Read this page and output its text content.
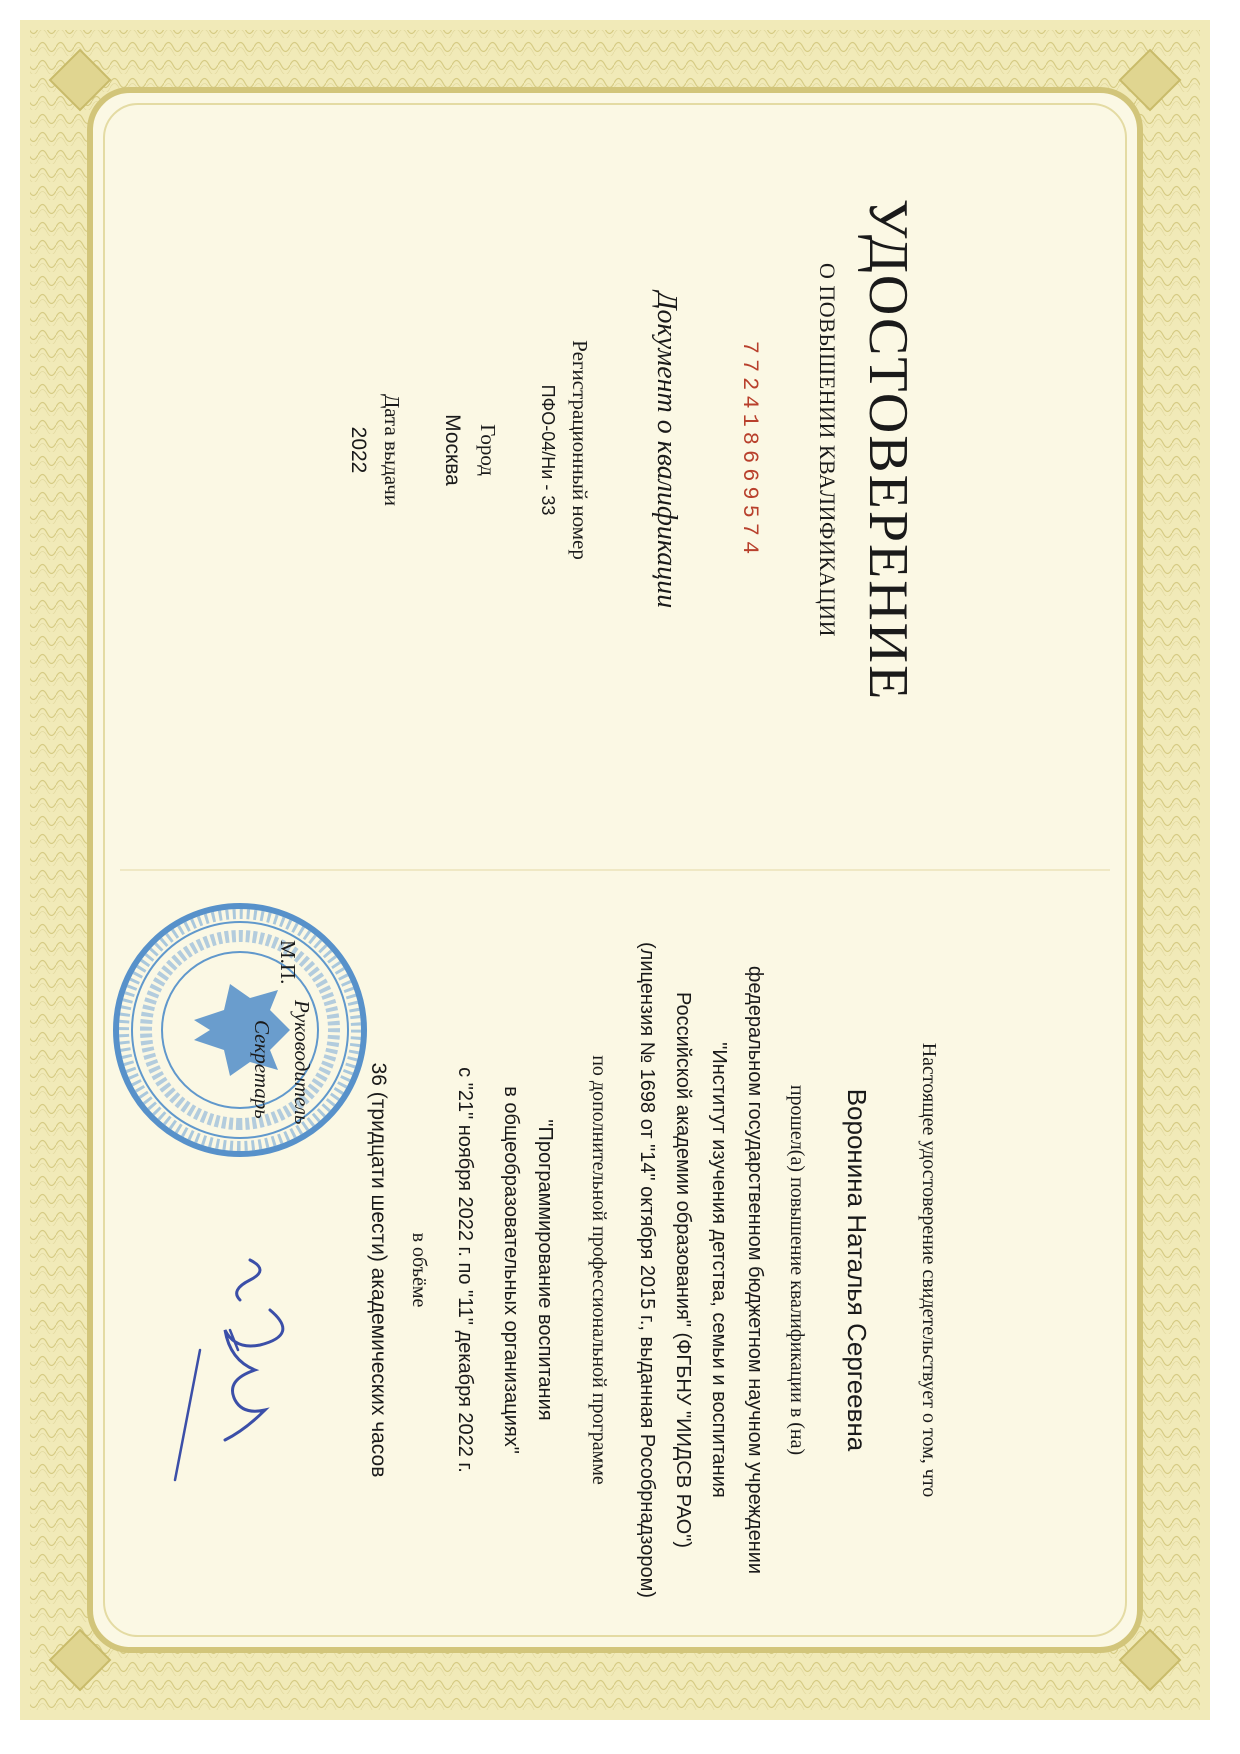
УДОСТОВЕРЕНИЕ
О ПОВЫШЕНИИ КВАЛИФИКАЦИИ
772418669574
Документ о квалификации
Регистрационный номер
ПФО-04/Ни - 33
Город
Москва
Дата выдачи
2022
Настоящее удостоверение свидетельствует о том, что
Воронина Наталья Сергеевна
прошел(а) повышение квалификации в (на)
федеральном государственном бюджетном научном учреждении
"Институт изучения детства, семьи и воспитания
Российской академии образования" (ФГБНУ "ИИДСВ РАО")
(лицензия № 1698 от "14" октября 2015 г., выданная Рособрнадзором)
по дополнительной профессиональной программе
"Программирование воспитания
в общеобразовательных организациях"
с "21" ноября 2022 г. по "11" декабря 2022 г.
в объёме
36 (тридцати шести) академических часов
М.П.
Руководитель
Секретарь
